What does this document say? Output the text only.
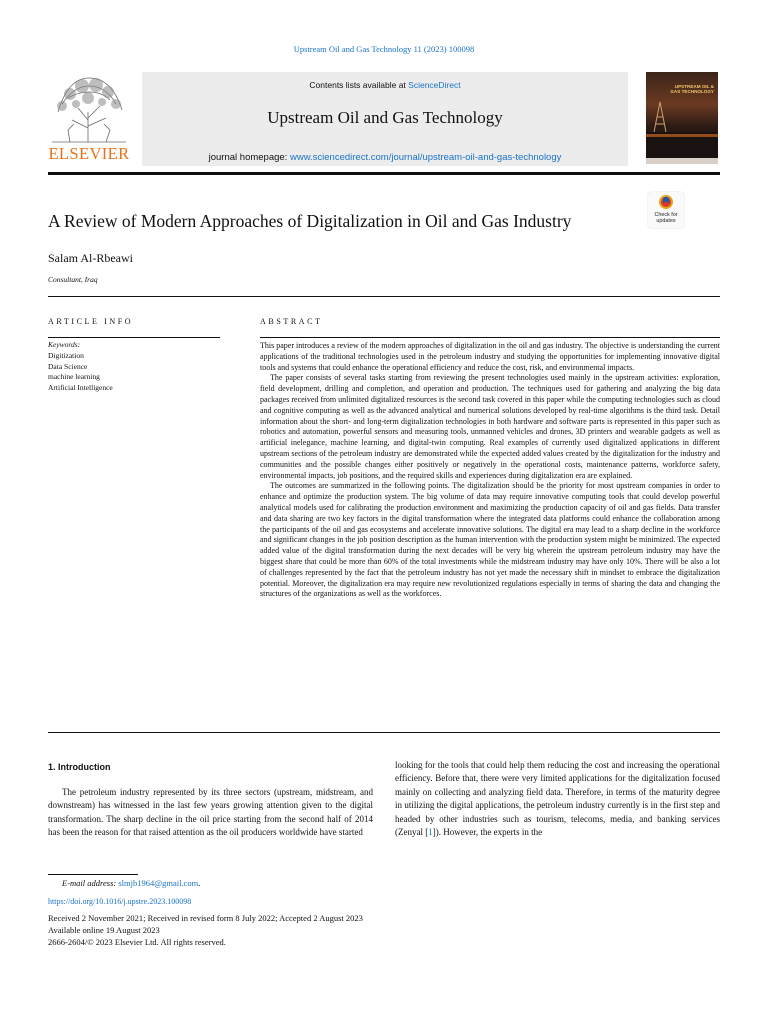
Upstream Oil and Gas Technology 11 (2023) 100098
ELSEVIER
Contents lists available at ScienceDirect
Upstream Oil and Gas Technology
journal homepage: www.sciencedirect.com/journal/upstream-oil-and-gas-technology
UPSTREAM OIL & GAS TECHNOLOGY
A Review of Modern Approaches of Digitalization in Oil and Gas Industry	Check for updates
Salam Al-Rbeawi
Consultant, Iraq
ARTICLE INFO	ABSTRACT
Keywords:
Digitization
Data Science
machine learning
Artificial Intelligence

This paper introduces a review of the modern approaches of digitalization in the oil and gas industry. The objective is understanding the current applications of the traditional technologies used in the petroleum industry and studying the opportunities for implementing innovative digital tools and systems that could enhance the operational efficiency and reduce the cost, risk, and environmental impacts.

The paper consists of several tasks starting from reviewing the present technologies used mainly in the upstream activities: exploration, field development, drilling and completion, and operation and production. The techniques used for gathering and analyzing the big data packages received from unlimited digitalized resources is the second task covered in this paper while the computing technologies such as cloud and cognitive computing as well as the advanced analytical and numerical solutions developed by real-time algorithms is the third task. Detail information about the short- and long-term digitalization technologies in both hardware and software parts is represented in this paper such as robotics and automation, powerful sensors and measuring tools, unmanned vehicles and drones, 3D printers and wearable gadgets as well as artificial inelegance, machine learning, and digital-twin computing. Real examples of currently used digitalized applications in different upstream sections of the petroleum industry are demonstrated while the expected added values created by the digitalization for the industry and communities and the possible changes either positively or negatively in the operational costs, maintenance patterns, workforce safety, environmental impacts, job positions, and the required skills and experiences during digitalization era are explained.

The outcomes are summarized in the following points. The digitalization should be the priority for most upstream companies in order to enhance and optimize the production system. The big volume of data may require innovative computing tools that could develop powerful analytical models used for calibrating the production environment and maximizing the production capacity of oil and gas fields. Data transfer and data sharing are two key factors in the digital transformation where the integrated data platforms could enhance the collaboration among the participants of the oil and gas ecosystems and accelerate innovative solutions. The digital era may lead to a sharp decline in the workforce and significant changes in the job position description as the human intervention with the production system might be minimized. The expected added value of the digital transformation during the next decades will be very big wherein the upstream petroleum industry may have the biggest share that could be more than 60% of the total investments while the midstream industry may have only 10%. There will be also a lot of challenges represented by the fact that the petroleum industry has not yet made the necessary shift in mindset to embrace the digitalization potential. Moreover, the digitalization era may require new revolutionized regulations especially in terms of sharing the data and changing the structures of the organizations as well as the workforces.

1. Introduction
The petroleum industry represented by its three sectors (upstream, midstream, and downstream) has witnessed in the last few years growing attention given to the digital transformation. The sharp decline in the oil price starting from the second half of 2014 has been the reason for that raised attention as the oil producers worldwide have started
looking for the tools that could help them reducing the cost and increasing the operational efficiency. Before that, there were very limited applications for the digitalization focused mainly on collecting and analyzing field data. Therefore, in terms of the maturity degree in utilizing the digital applications, the petroleum industry currently is in the first step and headed by other industries such as tourism, telecoms, media, and banking services (Zenyal [1]). However, the experts in the
E-mail address: slmjb1964@gmail.com.
https://doi.org/10.1016/j.upstre.2023.100098
Received 2 November 2021; Received in revised form 8 July 2022; Accepted 2 August 2023
Available online 19 August 2023
2666-2604/© 2023 Elsevier Ltd. All rights reserved.
